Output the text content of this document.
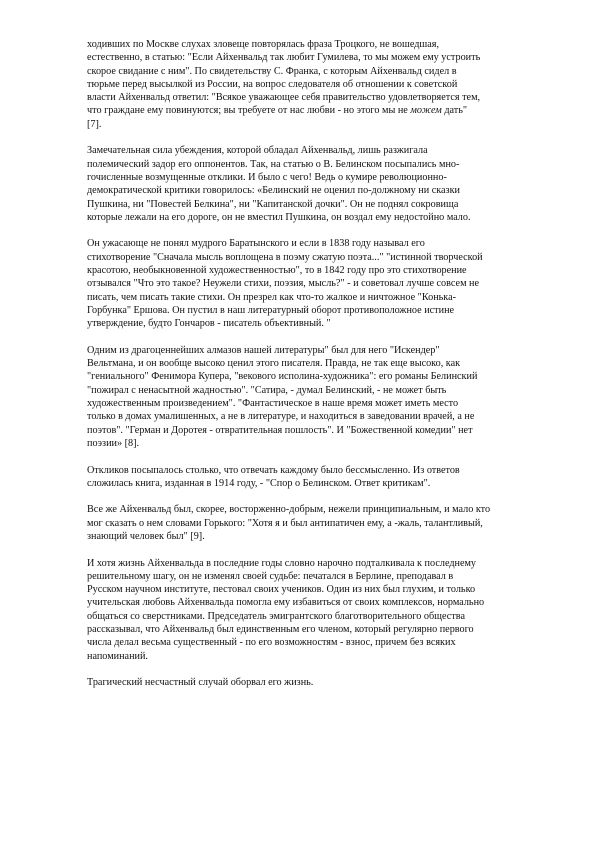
ходивших по Москве слухах зловеще повторялась фраза Троцкого, не вошедшая,
естественно, в статью: "Если Айхенвальд так любит Гумилева, то мы можем ему устроить
скорое свидание с ним". По свидетельству С. Франка, с которым Айхенвальд сидел в
тюрьме перед высылкой из России, на вопрос следователя об отношении к советской
власти Айхенвальд ответил: "Всякое уважающее себя правительство удовлетворяется тем,
что граждане ему повинуются; вы требуете от нас любви - но этого мы не можем дать"
[7].

Замечательная сила убеждения, которой обладал Айхенвальд, лишь разжигала
полемический задор его оппонентов. Так, на статью о В. Белинском посыпались мно-
гочисленные возмущенные отклики. И было с чего! Ведь о кумире революционно-
демократической критики говорилось: «Белинский не оценил по-должному ни сказки
Пушкина, ни "Повестей Белкина", ни "Капитанской дочки". Он не поднял сокровища
которые лежали на его дороге, он не вместил Пушкина, он воздал ему недостойно мало.

Он ужасающе не понял мудрого Баратынского и если в 1838 году называл его
стихотворение "Сначала мысль воплощена в поэму сжатую поэта..." "истинной творческой
красотою, необыкновенной художественностью", то в 1842 году про это стихотворение
отзывался "Что это такое? Неужели стихи, поэзия, мысль?" - и советовал лучше совсем не
писать, чем писать такие стихи. Он презрел как что-то жалкое и ничтожное "Конька-
Горбунка" Ершова. Он пустил в наш литературный оборот противоположное истине
утверждение, будто Гончаров - писатель объективный. "

Одним из драгоценнейших алмазов нашей литературы" был для него "Искендер"
Вельтмана, и он вообще высоко ценил этого писателя. Правда, не так еще высоко, как
"гениального" Фенимора Купера, "векового исполина-художника": его романы Белинский
"пожирал с ненасытной жадностью". "Сатира, - думал Белинский, - не может быть
художественным произведением". "Фантастическое в наше время может иметь место
только в домах умалишенных, а не в литературе, и находиться в заведовании врачей, а не
поэтов". "Герман и Доротея - отвратительная пошлость". И "Божественной комедии" нет
поэзии» [8].

Откликов посыпалось столько, что отвечать каждому было бессмысленно. Из ответов
сложилась книга, изданная в 1914 году, - "Спор о Белинском. Ответ критикам".

Все же Айхенвальд был, скорее, восторженно-добрым, нежели принципиальным, и мало кто
мог сказать о нем словами Горького: "Хотя я и был антипатичен ему, а -жаль, талантливый,
знающий человек был" [9].

И хотя жизнь Айхенвальда в последние годы словно нарочно подталкивала к последнему
решительному шагу, он не изменял своей судьбе: печатался в Берлине, преподавал в
Русском научном институте, пестовал своих учеников. Один из них был глухим, и только
учительская любовь Айхенвальда помогла ему избавиться от своих комплексов, нормально
общаться со сверстниками. Председатель эмигрантского благотворительного общества
рассказывал, что Айхенвальд был единственным его членом, который регулярно первого
числа делал весьма существенный - по его возможностям - взнос, причем без всяких
напоминаний.

Трагический несчастный случай оборвал его жизнь.
